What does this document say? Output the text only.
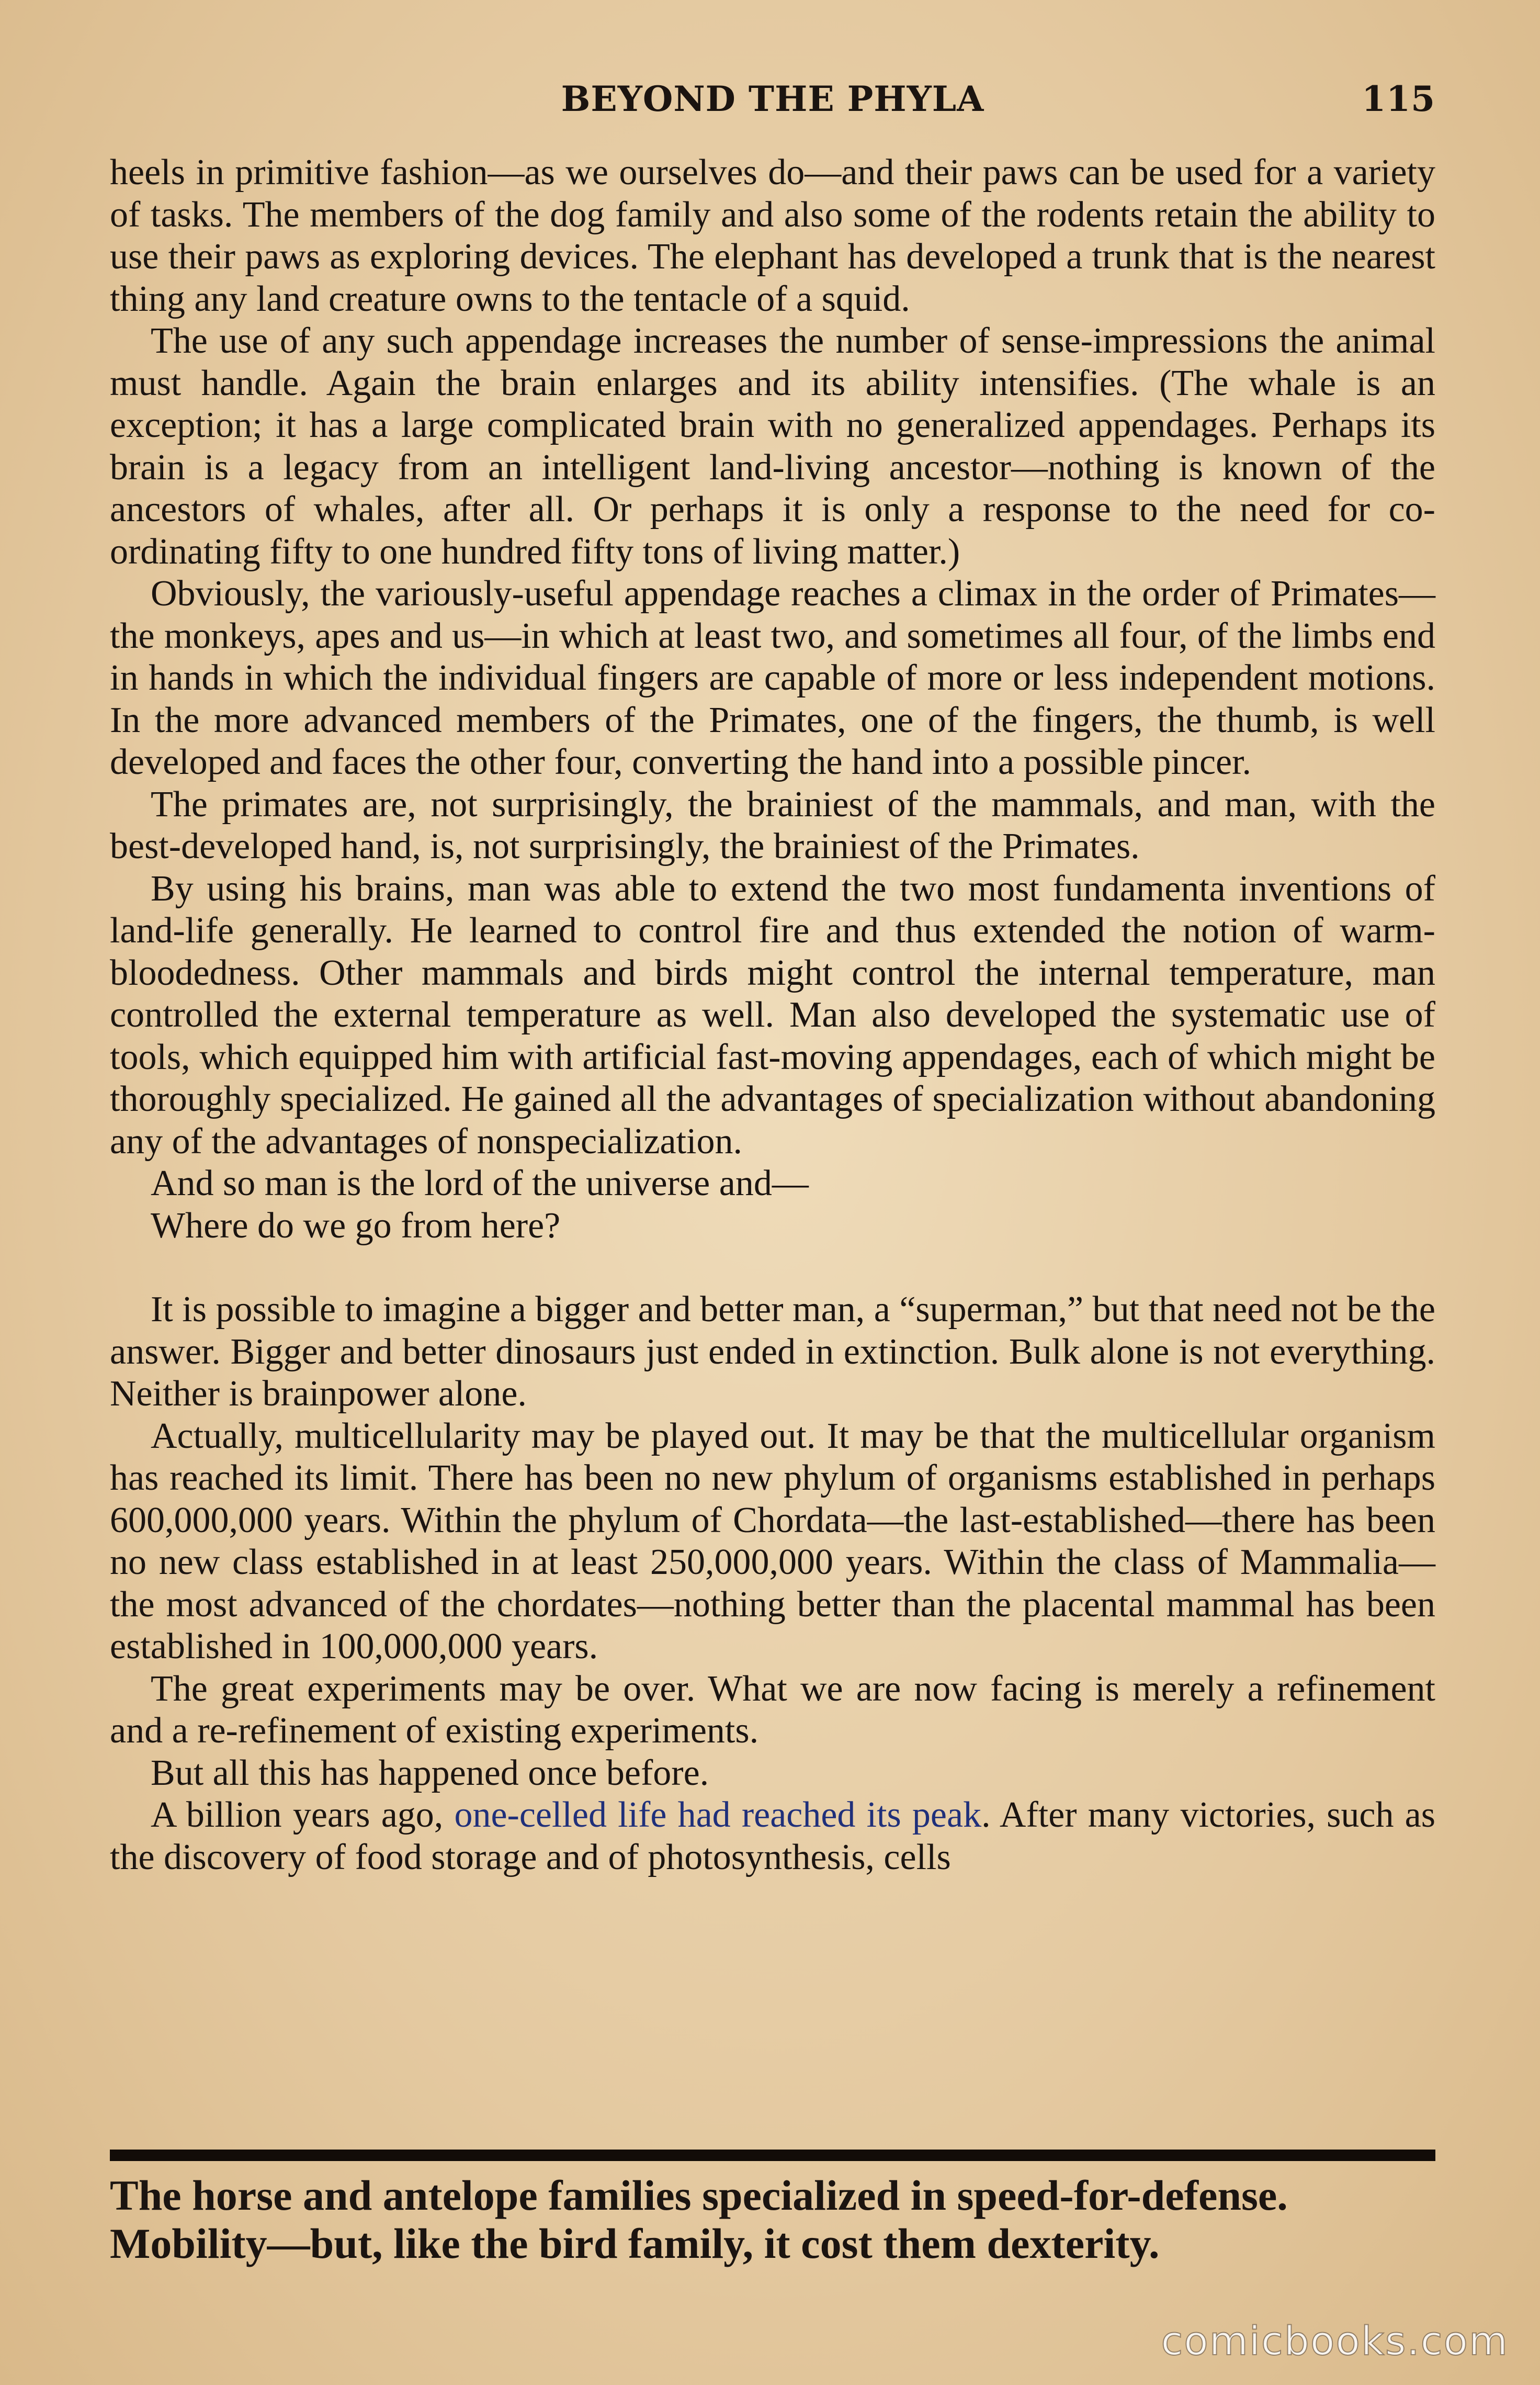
BEYOND THE PHYLA	115

heels in primitive fashion—as we ourselves do—and their paws can be used for a variety of tasks. The members of the dog family and also some of the rodents retain the ability to use their paws as exploring devices. The elephant has developed a trunk that is the nearest thing any land creature owns to the tentacle of a squid.

The use of any such appendage increases the number of sense-impressions the animal must handle. Again the brain enlarges and its ability intensifies. (The whale is an exception; it has a large complicated brain with no generalized appendages. Perhaps its brain is a legacy from an intelligent land-living ancestor—nothing is known of the ancestors of whales, after all. Or perhaps it is only a response to the need for co-ordinating fifty to one hundred fifty tons of living matter.)

Obviously, the variously-useful appendage reaches a climax in the order of Primates—the monkeys, apes and us—in which at least two, and sometimes all four, of the limbs end in hands in which the individual fingers are capable of more or less independent motions. In the more advanced members of the Primates, one of the fingers, the thumb, is well developed and faces the other four, converting the hand into a possible pincer.

The primates are, not surprisingly, the brainiest of the mammals, and man, with the best-developed hand, is, not surprisingly, the brainiest of the Primates.

By using his brains, man was able to extend the two most fundamenta inventions of land-life generally. He learned to control fire and thus extended the notion of warm-bloodedness. Other mammals and birds might control the internal temperature, man controlled the external temperature as well. Man also developed the systematic use of tools, which equipped him with artificial fast-moving appendages, each of which might be thoroughly specialized. He gained all the advantages of specialization without abandoning any of the advantages of nonspecialization.

And so man is the lord of the universe and—

Where do we go from here?

It is possible to imagine a bigger and better man, a “superman,” but that need not be the answer. Bigger and better dinosaurs just ended in extinction. Bulk alone is not everything. Neither is brainpower alone.

Actually, multicellularity may be played out. It may be that the multicellular organism has reached its limit. There has been no new phylum of organisms established in perhaps 600,000,000 years. Within the phylum of Chordata—the last-established—there has been no new class established in at least 250,000,000 years. Within the class of Mammalia—the most advanced of the chordates—nothing better than the placental mammal has been established in 100,000,000 years.

The great experiments may be over. What we are now facing is merely a refinement and a re-refinement of existing experiments.

But all this has happened once before.

A billion years ago, one-celled life had reached its peak. After many victories, such as the discovery of food storage and of photosynthesis, cells

The horse and antelope families specialized in speed-for-defense.
Mobility—but, like the bird family, it cost them dexterity.
comicbooks.com
